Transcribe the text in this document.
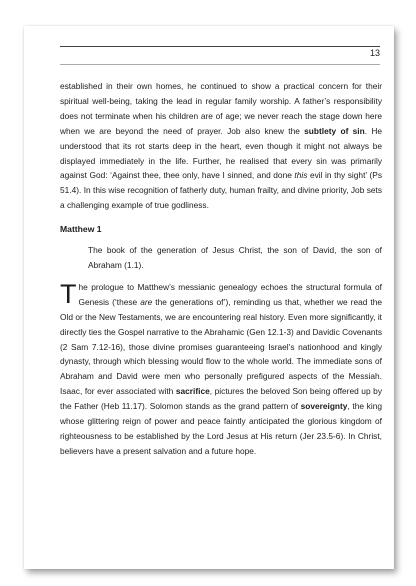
13

established in their own homes, he continued to show a practical concern for their spiritual well-being, taking the lead in regular family worship. A father’s responsibility does not terminate when his children are of age; we never reach the stage down here when we are beyond the need of prayer. Job also knew the subtlety of sin. He understood that its rot starts deep in the heart, even though it might not always be displayed immediately in the life. Further, he realised that every sin was primarily against God: ‘Against thee, thee only, have I sinned, and done this evil in thy sight’ (Ps 51.4). In this wise recognition of fatherly duty, human frailty, and divine priority, Job sets a challenging example of true godliness.

Matthew 1

The book of the generation of Jesus Christ, the son of David, the son of Abraham (1.1).

The prologue to Matthew’s messianic genealogy echoes the structural formula of Genesis (‘these are the generations of’), reminding us that, whether we read the Old or the New Testaments, we are encountering real history. Even more significantly, it directly ties the Gospel narrative to the Abrahamic (Gen 12.1-3) and Davidic Covenants (2 Sam 7.12-16), those divine promises guaranteeing Israel’s nationhood and kingly dynasty, through which blessing would flow to the whole world. The immediate sons of Abraham and David were men who personally prefigured aspects of the Messiah. Isaac, for ever associated with sacrifice, pictures the beloved Son being offered up by the Father (Heb 11.17). Solomon stands as the grand pattern of sovereignty, the king whose glittering reign of power and peace faintly anticipated the glorious kingdom of righteousness to be established by the Lord Jesus at His return (Jer 23.5-6). In Christ, believers have a present salvation and a future hope.
